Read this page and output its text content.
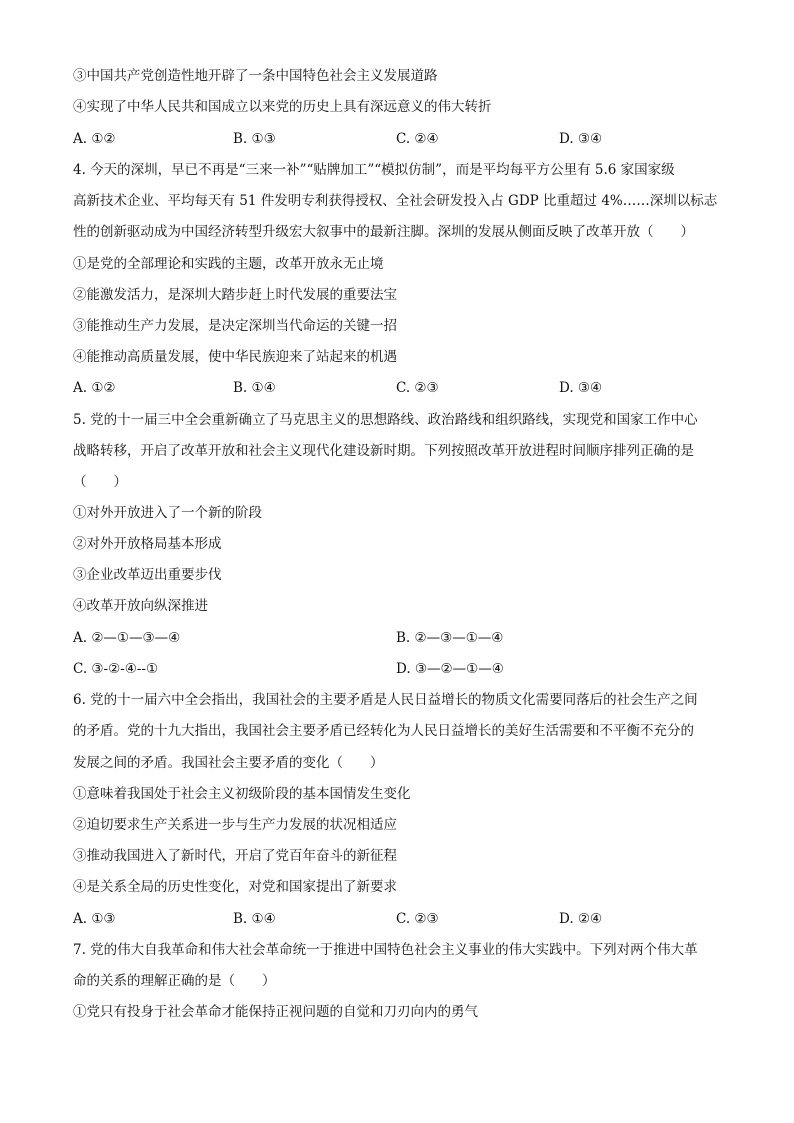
③中国共产党创造性地开辟了一条中国特色社会主义发展道路
④实现了中华人民共和国成立以来党的历史上具有深远意义的伟大转折
A. ①②	B. ①③	C. ②④	D. ③④
4. 今天的深圳，早已不再是“三来一补”“贴牌加工”“模拟仿制”，而是平均每平方公里有 5.6 家国家级
高新技术企业、平均每天有 51 件发明专利获得授权、全社会研发投入占 GDP 比重超过 4%……深圳以标志
性的创新驱动成为中国经济转型升级宏大叙事中的最新注脚。深圳的发展从侧面反映了改革开放（　　）
①是党的全部理论和实践的主题，改革开放永无止境
②能激发活力，是深圳大踏步赶上时代发展的重要法宝
③能推动生产力发展，是决定深圳当代命运的关键一招
④能推动高质量发展，使中华民族迎来了站起来的机遇
A. ①②	B. ①④	C. ②③	D. ③④
5. 党的十一届三中全会重新确立了马克思主义的思想路线、政治路线和组织路线，实现党和国家工作中心
战略转移，开启了改革开放和社会主义现代化建设新时期。下列按照改革开放进程时间顺序排列正确的是
（　　）
①对外开放进入了一个新的阶段
②对外开放格局基本形成
③企业改革迈出重要步伐
④改革开放向纵深推进
A. ②—①—③—④	B. ②—③—①—④
C. ③-②-④--①	D. ③—②—①—④
6. 党的十一届六中全会指出，我国社会的主要矛盾是人民日益增长的物质文化需要同落后的社会生产之间
的矛盾。党的十九大指出，我国社会主要矛盾已经转化为人民日益增长的美好生活需要和不平衡不充分的
发展之间的矛盾。我国社会主要矛盾的变化（　　）
①意味着我国处于社会主义初级阶段的基本国情发生变化
②迫切要求生产关系进一步与生产力发展的状况相适应
③推动我国进入了新时代，开启了党百年奋斗的新征程
④是关系全局的历史性变化，对党和国家提出了新要求
A. ①③	B. ①④	C. ②③	D. ②④
7. 党的伟大自我革命和伟大社会革命统一于推进中国特色社会主义事业的伟大实践中。下列对两个伟大革
命的关系的理解正确的是（　　）
①党只有投身于社会革命才能保持正视问题的自觉和刀刃向内的勇气
